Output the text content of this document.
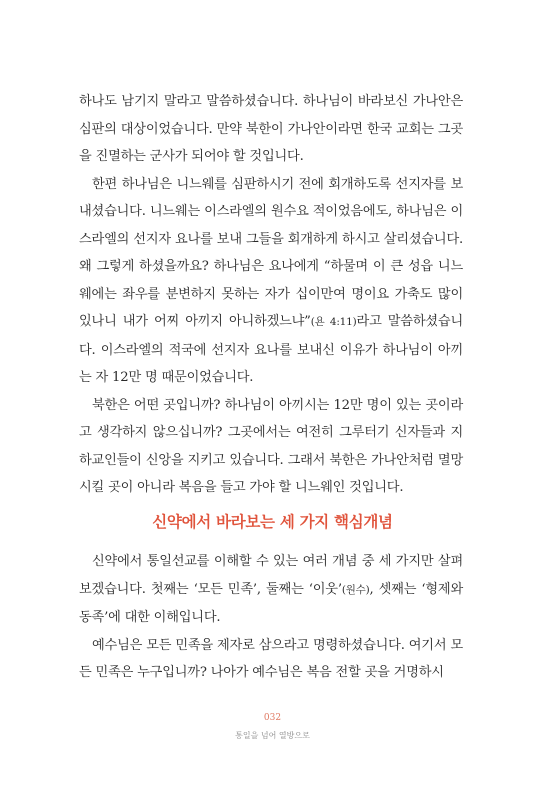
하나도 남기지 말라고 말씀하셨습니다. 하나님이 바라보신 가나안은 심판의 대상이었습니다. 만약 북한이 가나안이라면 한국 교회는 그곳을 진멸하는 군사가 되어야 할 것입니다.

한편 하나님은 니느웨를 심판하시기 전에 회개하도록 선지자를 보내셨습니다. 니느웨는 이스라엘의 원수요 적이었음에도, 하나님은 이스라엘의 선지자 요나를 보내 그들을 회개하게 하시고 살리셨습니다. 왜 그렇게 하셨을까요? 하나님은 요나에게 “하물며 이 큰 성읍 니느웨에는 좌우를 분변하지 못하는 자가 십이만여 명이요 가축도 많이 있나니 내가 어찌 아끼지 아니하겠느냐”(욘 4:11)라고 말씀하셨습니다. 이스라엘의 적국에 선지자 요나를 보내신 이유가 하나님이 아끼는 자 12만 명 때문이었습니다.

북한은 어떤 곳입니까? 하나님이 아끼시는 12만 명이 있는 곳이라고 생각하지 않으십니까? 그곳에서는 여전히 그루터기 신자들과 지하교인들이 신앙을 지키고 있습니다. 그래서 북한은 가나안처럼 멸망시킬 곳이 아니라 복음을 들고 가야 할 니느웨인 것입니다.

신약에서 바라보는 세 가지 핵심개념

신약에서 통일선교를 이해할 수 있는 여러 개념 중 세 가지만 살펴보겠습니다. 첫째는 ‘모든 민족’, 둘째는 ‘이웃’(원수), 셋째는 ‘형제와 동족’에 대한 이해입니다.

예수님은 모든 민족을 제자로 삼으라고 명령하셨습니다. 여기서 모든 민족은 누구입니까? 나아가 예수님은 복음 전할 곳을 거명하시

032
통일을 넘어 열방으로
